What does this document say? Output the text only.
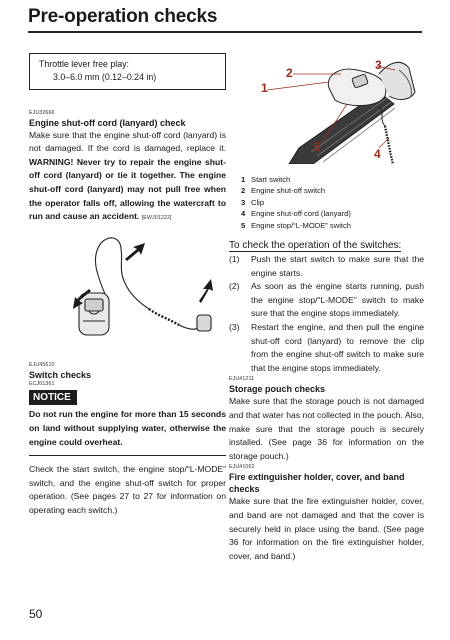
Pre-operation checks
Throttle lever free play:
3.0–6.0 mm (0.12–0.24 in)
EJU32666
Engine shut-off cord (lanyard) check

Make sure that the engine shut-off cord (lanyard) is not damaged. If the cord is damaged, replace it. WARNING! Never try to repair the engine shut-off cord (lanyard) or tie it together. The engine shut-off cord (lanyard) may not pull free when the operator falls off, allowing the watercraft to run and cause an accident. [EWJ01222]

EJU45610
Switch checks
ECJ01361
NOTICE

Do not run the engine for more than 15 seconds on land without supplying water, otherwise the engine could overheat.

Check the start switch, the engine stop/“L-MODE” switch, and the engine shut-off switch for proper operation. (See pages 27 to 27 for information on operating each switch.)

1
2
3
4
5
1 Start switch
2 Engine shut-off switch
3 Clip
4 Engine shut-off cord (lanyard)
5 Engine stop/“L-MODE” switch
To check the operation of the switches:
(1) Push the start switch to make sure that the engine starts.
(2) As soon as the engine starts running, push the engine stop/“L-MODE” switch to make sure that the engine stops immediately.
(3) Restart the engine, and then pull the engine shut-off cord (lanyard) to remove the clip from the engine shut-off switch to make sure that the engine stops immediately.
EJU41211
Storage pouch checks

Make sure that the storage pouch is not damaged and that water has not collected in the pouch. Also, make sure that the storage pouch is securely installed. (See page 36 for information on the storage pouch.)

EJU41062
Fire extinguisher holder, cover, and band checks

Make sure that the fire extinguisher holder, cover, and band are not damaged and that the cover is securely held in place using the band. (See page 36 for information on the fire extinguisher holder, cover, and band.)

50
